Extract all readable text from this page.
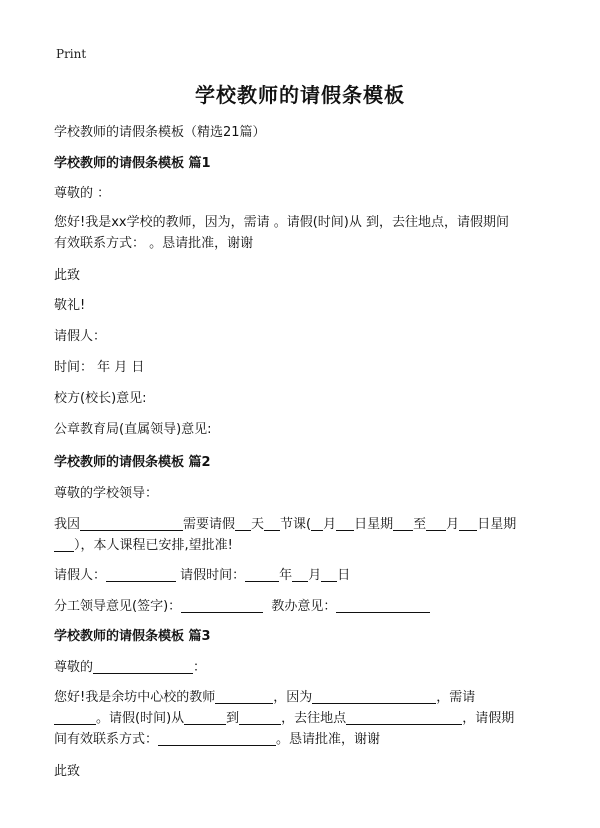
Print
学校教师的请假条模板
学校教师的请假条模板（精选21篇）
学校教师的请假条模板 篇1
尊敬的 ：
您好!我是xx学校的教师，因为，需请 。请假(时间)从 到，去往地点，请假期间
有效联系方式： 。恳请批准，谢谢
此致
敬礼!
请假人：
时间： 年 月 日
校方(校长)意见:
公章教育局(直属领导)意见:
学校教师的请假条模板 篇2
尊敬的学校领导：
我因	需要请假 天 节课( 月 日星期 至 月 日星期
），本人课程已安排,望批准!
请假人：	请假时间：	年 月 日
分工领导意见(签字)：	教办意见：
学校教师的请假条模板 篇3
尊敬的	：
您好!我是余坊中心校的教师	，因为	，需请
。请假(时间)从	到	，去往地点	，请假期
间有效联系方式：	。恳请批准，谢谢
此致
